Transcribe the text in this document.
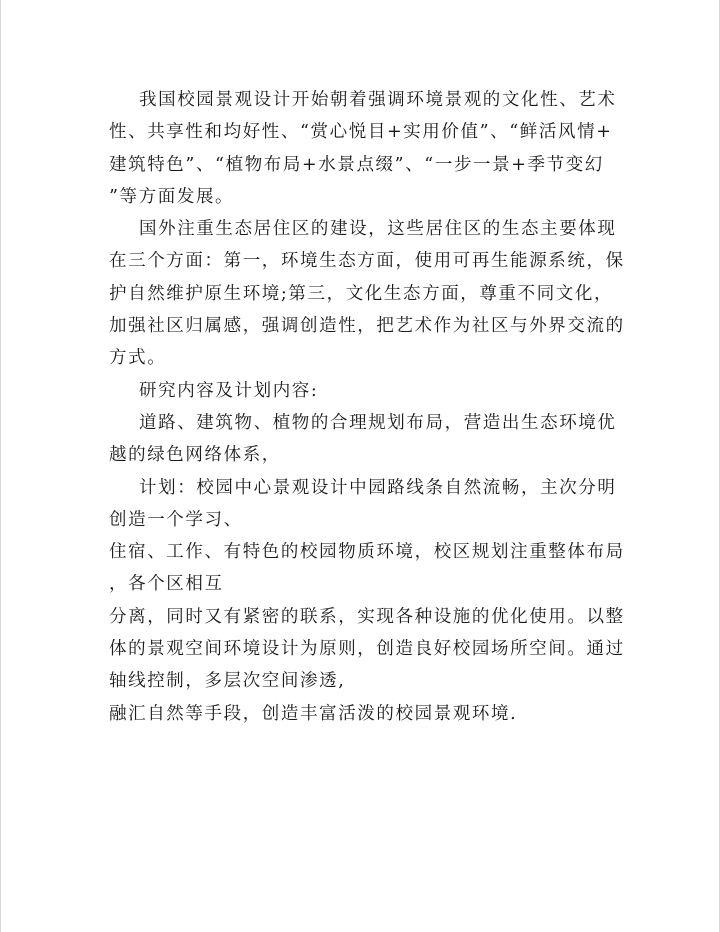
我国校园景观设计开始朝着强调环境景观的文化性、艺术
性、共享性和均好性、“赏心悦目+实用价值”、“鲜活风情+
建筑特色”、“植物布局+水景点缀”、“一步一景+季节变幻
”等方面发展。

国外注重生态居住区的建设，这些居住区的生态主要体现
在三个方面：第一，环境生态方面，使用可再生能源系统，保
护自然维护原生环境;第三，文化生态方面，尊重不同文化，
加强社区归属感，强调创造性，把艺术作为社区与外界交流的
方式。

研究内容及计划内容:

道路、建筑物、植物的合理规划布局，营造出生态环境优
越的绿色网络体系，

计划：校园中心景观设计中园路线条自然流畅，主次分明
创造一个学习、

住宿、工作、有特色的校园物质环境，校区规划注重整体布局
，各个区相互

分离，同时又有紧密的联系，实现各种设施的优化使用。以整
体的景观空间环境设计为原则，创造良好校园场所空间。通过
轴线控制，多层次空间渗透,

融汇自然等手段，创造丰富活泼的校园景观环境.
